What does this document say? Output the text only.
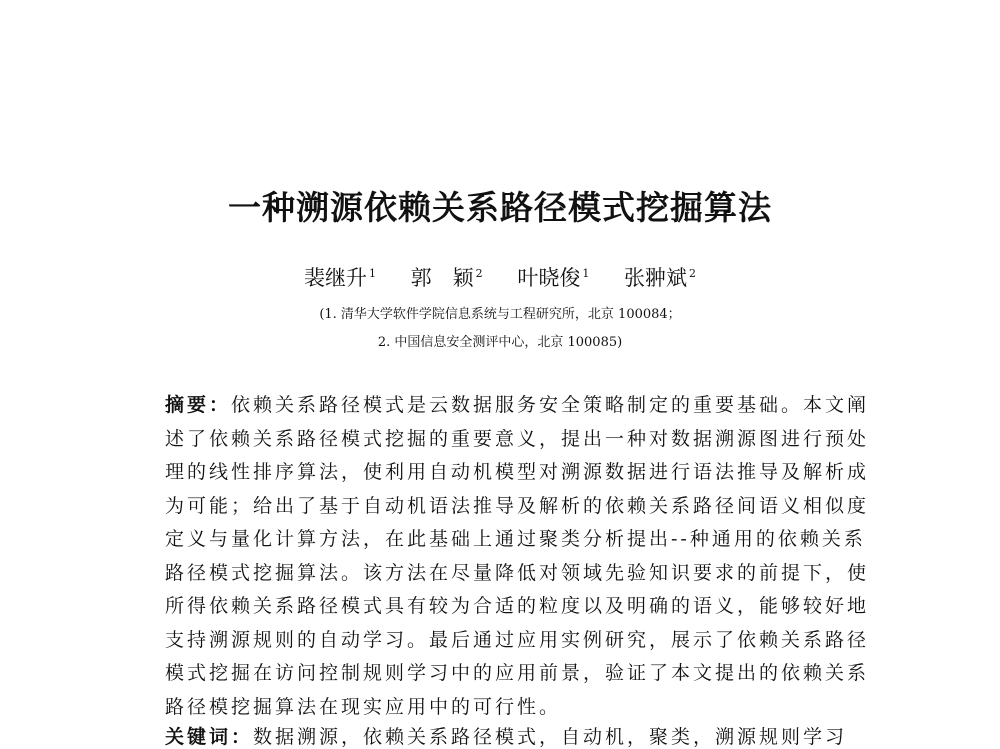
一种溯源依赖关系路径模式挖掘算法
裴继升 $^1$ 郭　颖 $^2$ 叶晓俊 $^1$ 张翀斌 $^2$
(1. 清华大学软件学院信息系统与工程研究所，北京 100084；
2. 中国信息安全测评中心，北京 100085)
摘要：依赖关系路径模式是云数据服务安全策略制定的重要基础。本文阐
述了依赖关系路径模式挖掘的重要意义，提出一种对数据溯源图进行预处
理的线性排序算法，使利用自动机模型对溯源数据进行语法推导及解析成
为可能；给出了基于自动机语法推导及解析的依赖关系路径间语义相似度
定义与量化计算方法，在此基础上通过聚类分析提出--种通用的依赖关系
路径模式挖掘算法。该方法在尽量降低对领域先验知识要求的前提下，使
所得依赖关系路径模式具有较为合适的粒度以及明确的语义，能够较好地
支持溯源规则的自动学习。最后通过应用实例研究，展示了依赖关系路径
模式挖掘在访问控制规则学习中的应用前景，验证了本文提出的依赖关系
路径模挖掘算法在现实应用中的可行性。
关键词：数据溯源，依赖关系路径模式，自动机，聚类，溯源规则学习
